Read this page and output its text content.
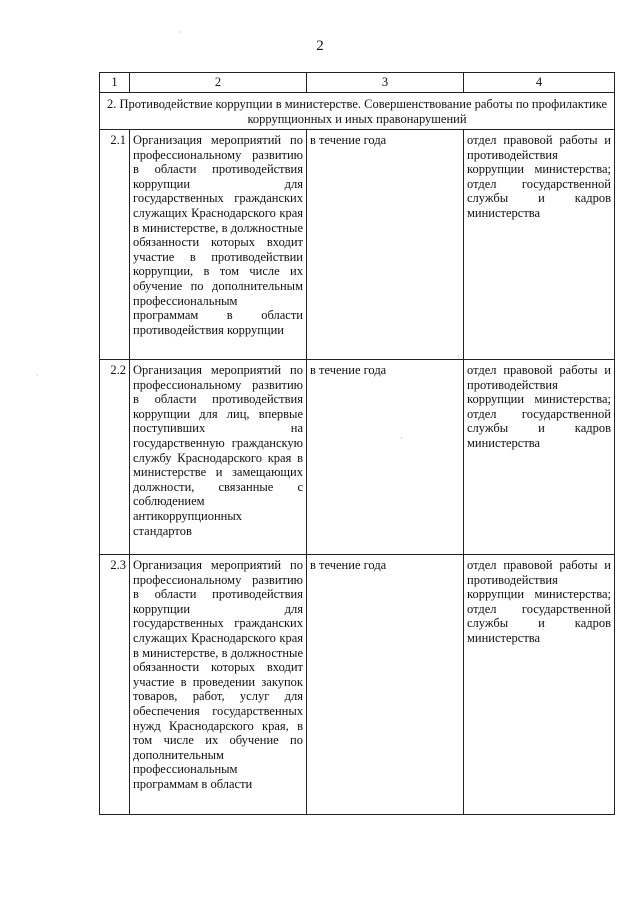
2
1	2	3	4
2. Противодействие коррупции в министерстве. Совершенствование работы по профилактике коррупционных и иных правонарушений			
2.1	Организация мероприятий по профессиональному развитию в области противодействия коррупции для государственных гражданских служащих Краснодарского края в министерстве, в должностные обязанности которых входит участие в противодействии коррупции, в том числе их обучение по дополнительным профессиональным программам в области противодействия коррупции	в течение года	отдел правовой работы и противодействия коррупции министерства; отдел государственной службы и кадров министерства
2.2	Организация мероприятий по профессиональному развитию в области противодействия коррупции для лиц, впервые поступивших на государственную гражданскую службу Краснодарского края в министерстве и замещающих должности, связанные с соблюдением антикоррупционных стандартов	в течение года	отдел правовой работы и противодействия коррупции министерства; отдел государственной службы и кадров министерства
2.3	Организация мероприятий по профессиональному развитию в области противодействия коррупции для государственных гражданских служащих Краснодарского края в министерстве, в должностные обязанности которых входит участие в проведении закупок товаров, работ, услуг для обеспечения государственных нужд Краснодарского края, в том числе их обучение по дополнительным профессиональным программам в области	в течение года	отдел правовой работы и противодействия коррупции министерства; отдел государственной службы и кадров министерства
·
·
·
·
